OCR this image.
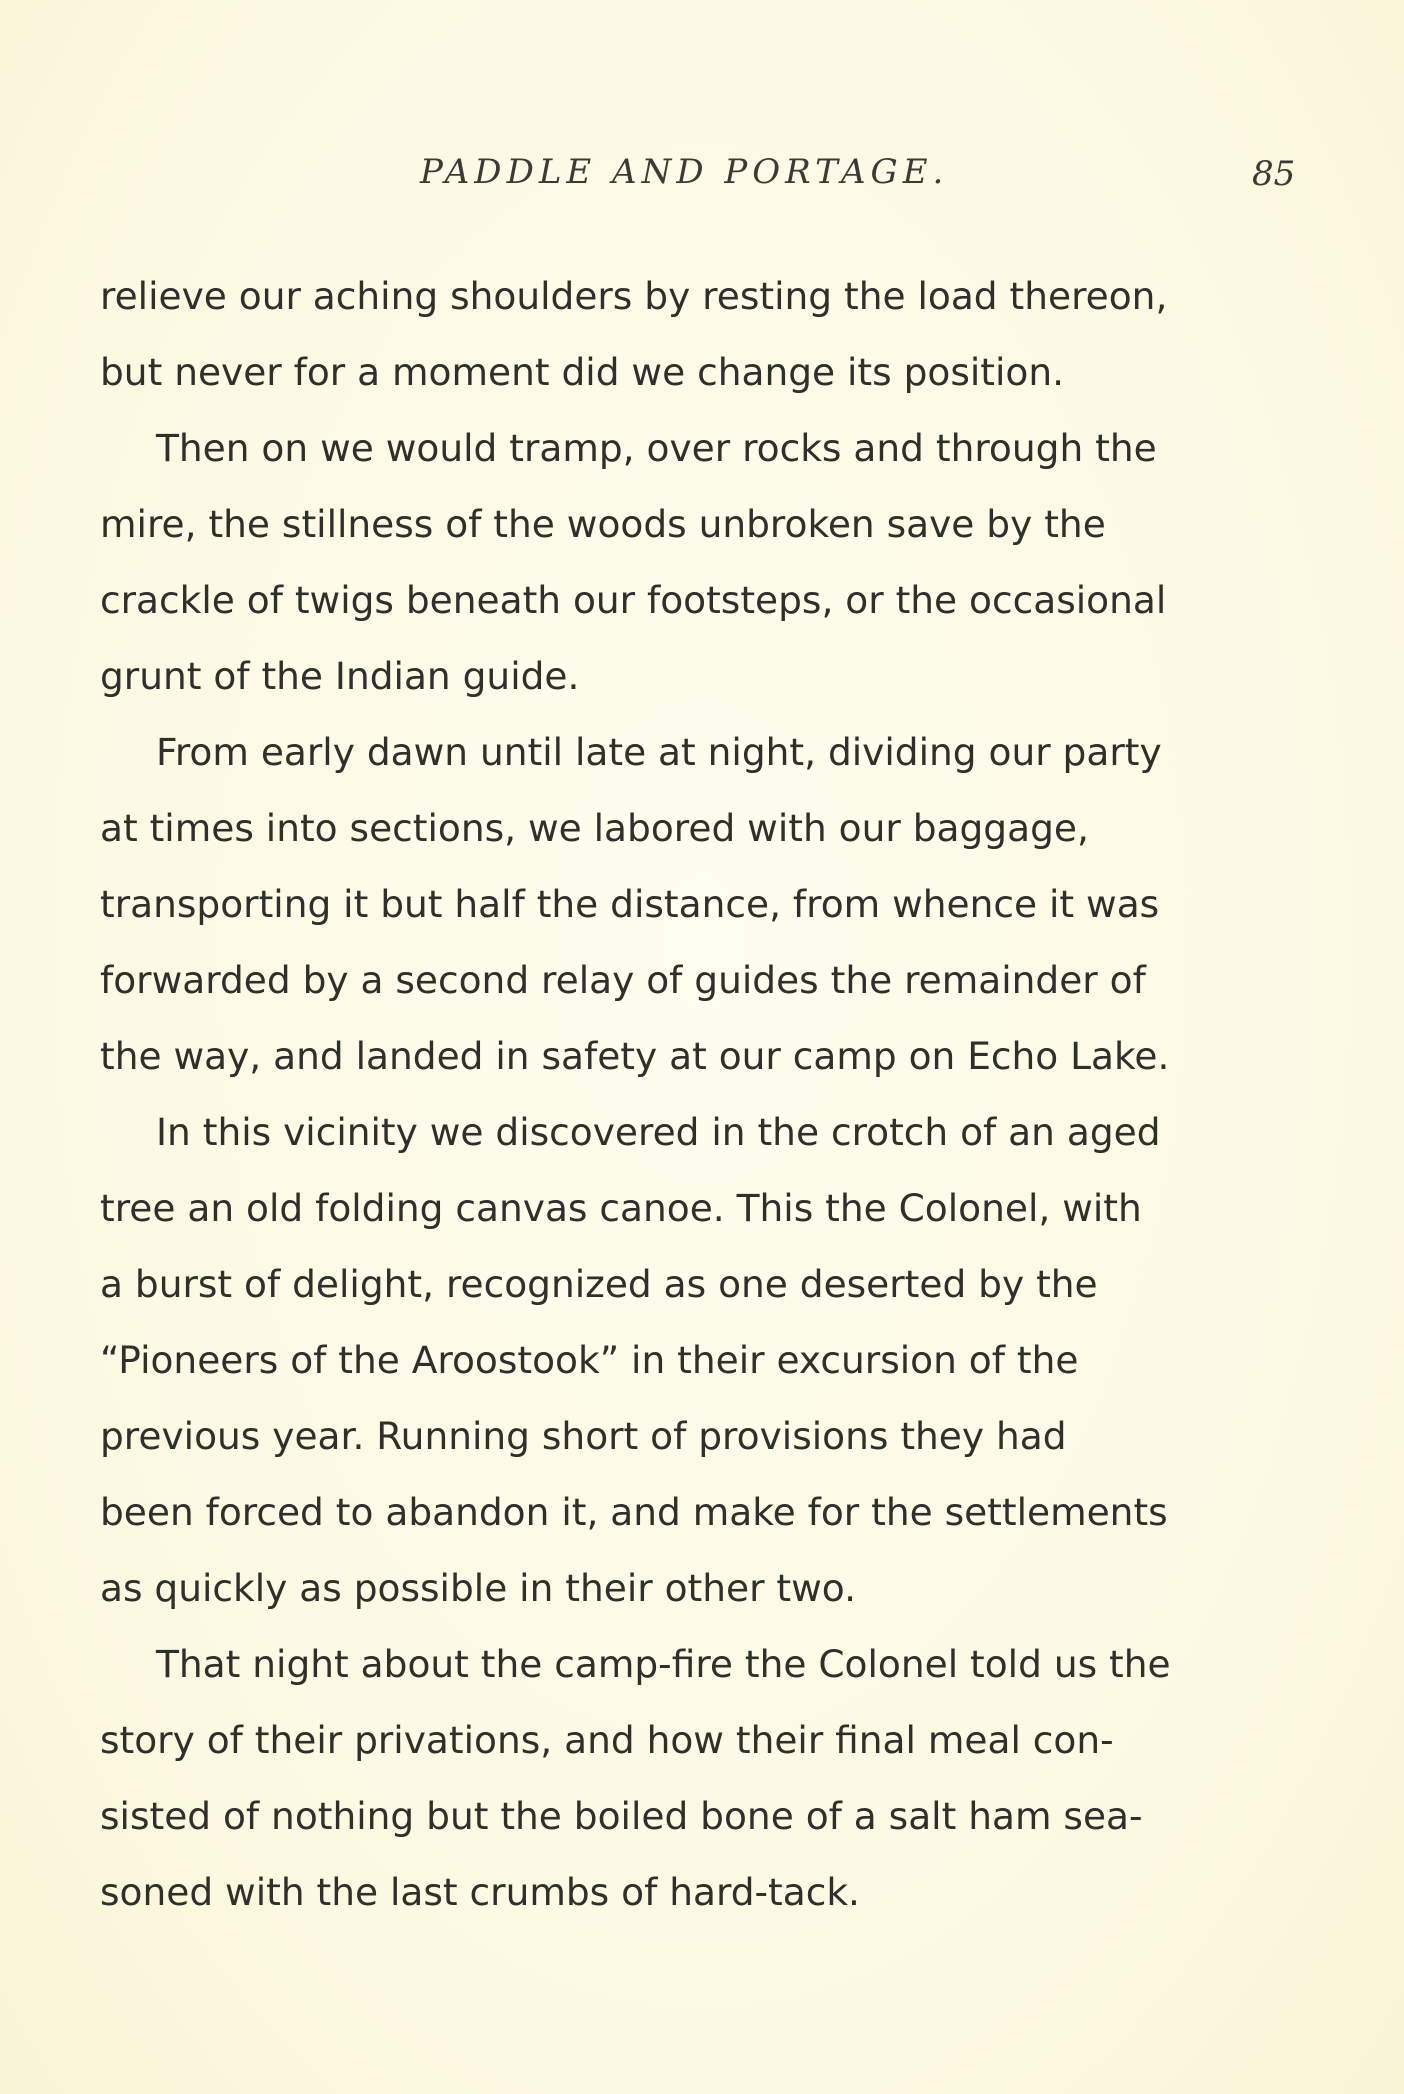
PADDLE AND PORTAGE.	85
relieve our aching shoulders by resting the load thereon,
but never for a moment did we change its position.
Then on we would tramp, over rocks and through the
mire, the stillness of the woods unbroken save by the
crackle of twigs beneath our footsteps, or the occasional
grunt of the Indian guide.
From early dawn until late at night, dividing our party
at times into sections, we labored with our baggage,
transporting it but half the distance, from whence it was
forwarded by a second relay of guides the remainder of
the way, and landed in safety at our camp on Echo Lake.
In this vicinity we discovered in the crotch of an aged
tree an old folding canvas canoe. This the Colonel, with
a burst of delight, recognized as one deserted by the
“Pioneers of the Aroostook” in their excursion of the
previous year. Running short of provisions they had
been forced to abandon it, and make for the settlements
as quickly as possible in their other two.
That night about the camp-fire the Colonel told us the
story of their privations, and how their final meal con-
sisted of nothing but the boiled bone of a salt ham sea-
soned with the last crumbs of hard-tack.
